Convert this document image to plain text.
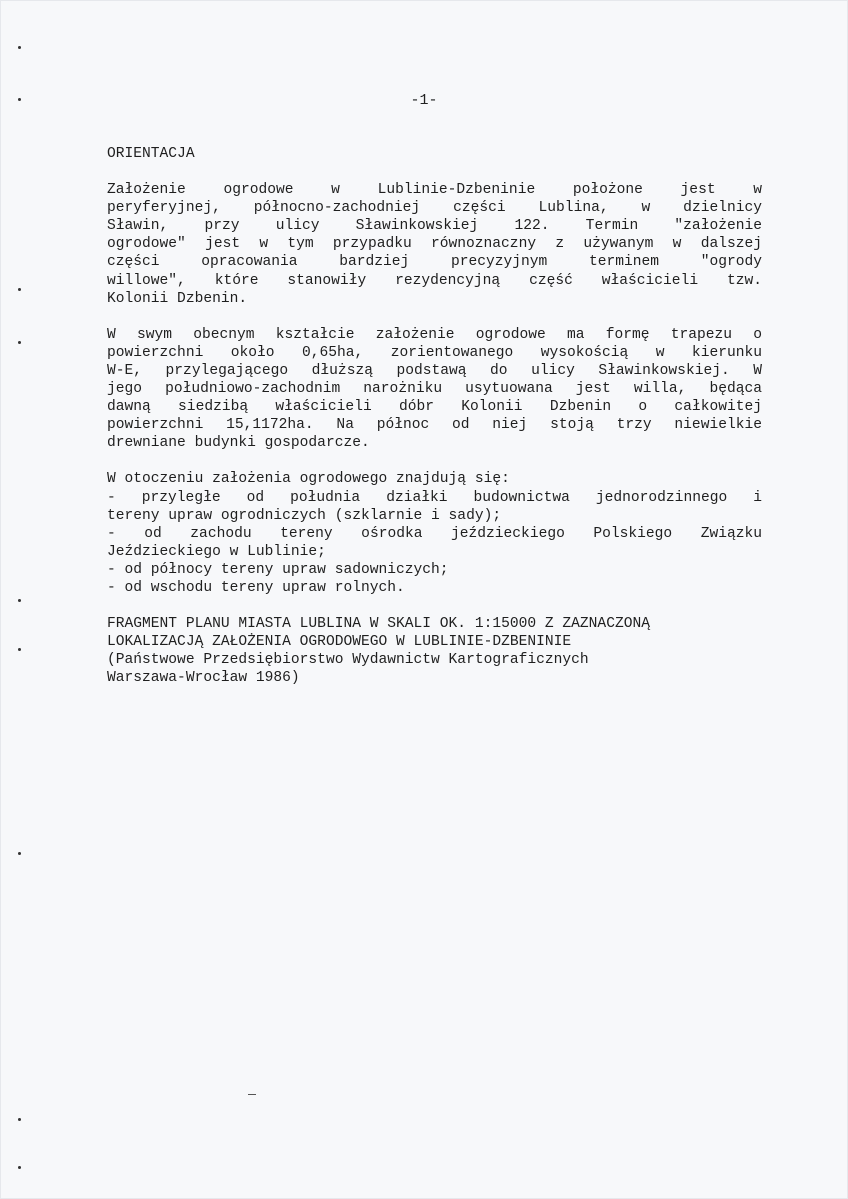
-1-
ORIENTACJA
Założenie ogrodowe w Lublinie-Dzbeninie położone jest w
peryferyjnej, północno-zachodniej części Lublina, w dzielnicy
Sławin, przy ulicy Sławinkowskiej 122. Termin "założenie
ogrodowe" jest w tym przypadku równoznaczny z używanym w dalszej
części opracowania bardziej precyzyjnym terminem "ogrody
willowe", które stanowiły rezydencyjną część właścicieli tzw.
Kolonii Dzbenin.
W swym obecnym kształcie założenie ogrodowe ma formę trapezu o
powierzchni około 0,65ha, zorientowanego wysokością w kierunku
W-E, przylegającego dłuższą podstawą do ulicy Sławinkowskiej. W
jego południowo-zachodnim narożniku usytuowana jest willa, będąca
dawną siedzibą właścicieli dóbr Kolonii Dzbenin o całkowitej
powierzchni 15,1172ha. Na północ od niej stoją trzy niewielkie
drewniane budynki gospodarcze.
W otoczeniu założenia ogrodowego znajdują się:
- przyległe od południa działki budownictwa jednorodzinnego i
tereny upraw ogrodniczych (szklarnie i sady);
- od zachodu tereny ośrodka jeździeckiego Polskiego Związku
Jeździeckiego w Lublinie;
- od północy tereny upraw sadowniczych;
- od wschodu tereny upraw rolnych.
FRAGMENT PLANU MIASTA LUBLINA W SKALI OK. 1:15000 Z ZAZNACZONĄ
LOKALIZACJĄ ZAŁOŻENIA OGRODOWEGO W LUBLINIE-DZBENINIE
(Państwowe Przedsiębiorstwo Wydawnictw Kartograficznych
Warszawa-Wrocław 1986)
